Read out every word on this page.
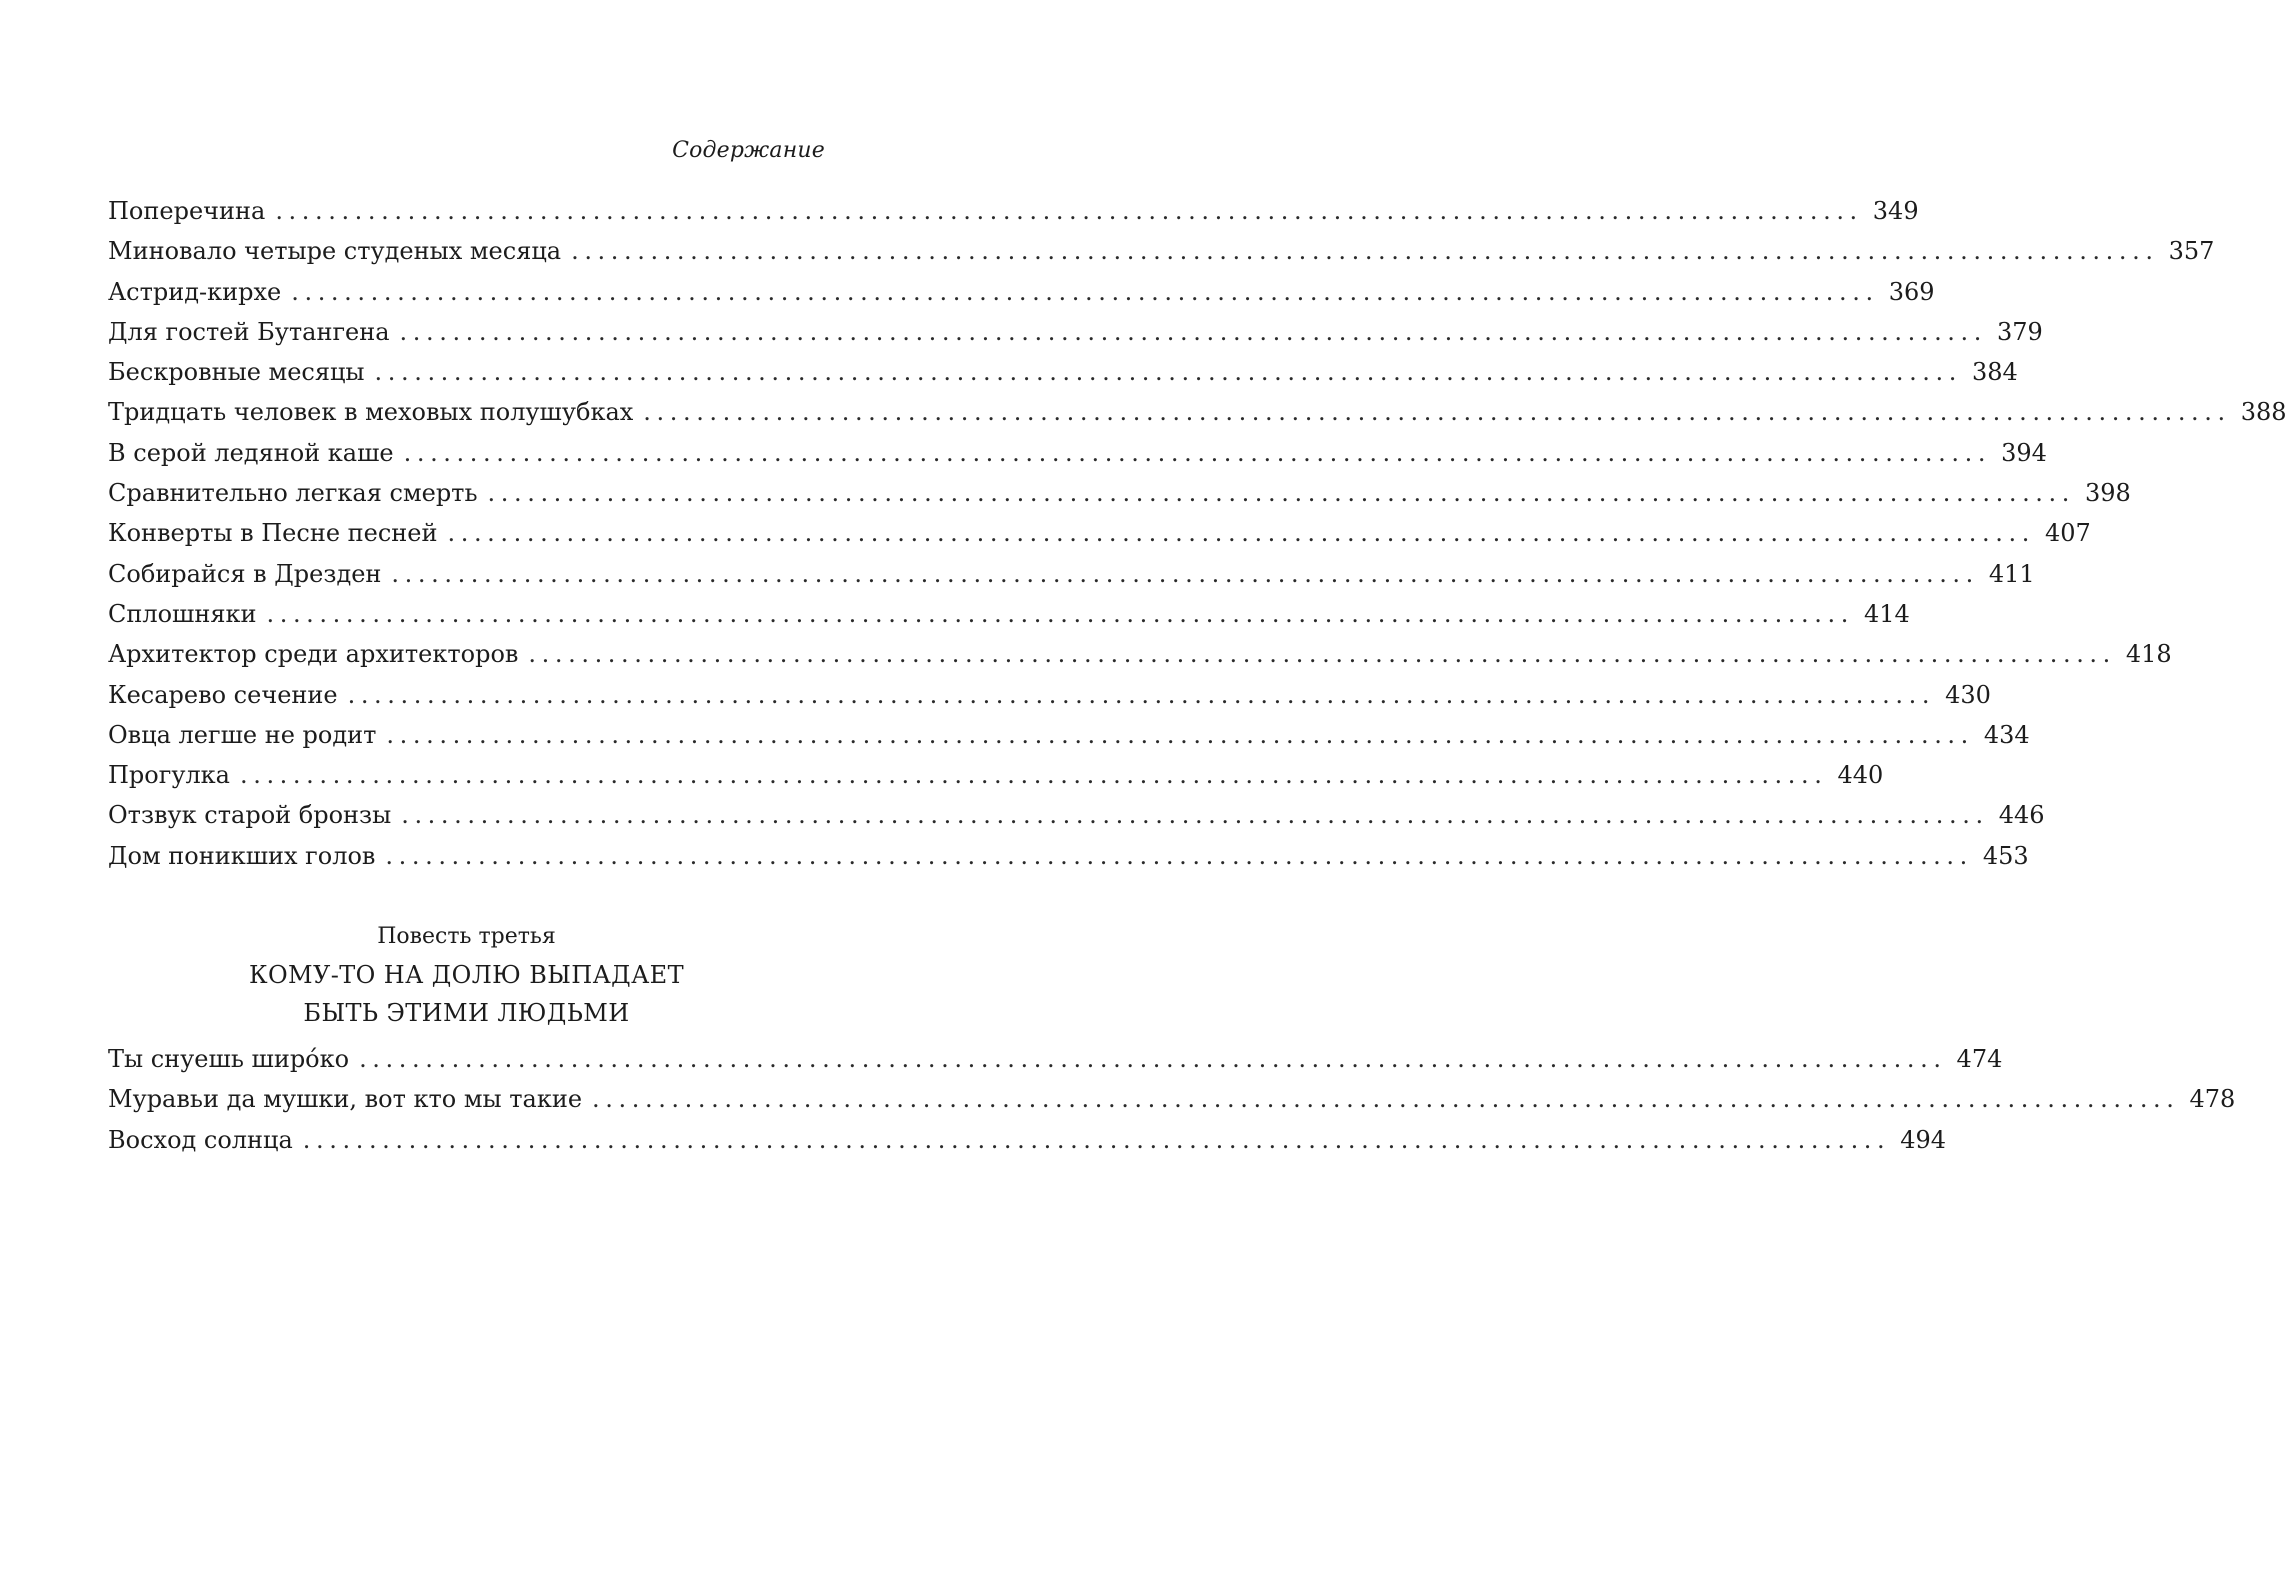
Содержание
Поперечина ........................................................................................................................ 349
Миновало четыре студеных месяца ........................................................................................................................ 357
Астрид-кирхе ........................................................................................................................ 369
Для гостей Бутангена ........................................................................................................................ 379
Бескровные месяцы ........................................................................................................................ 384
Тридцать человек в меховых полушубках ........................................................................................................................ 388
В серой ледяной каше ........................................................................................................................ 394
Сравнительно легкая смерть ........................................................................................................................ 398
Конверты в Песне песней ........................................................................................................................ 407
Собирайся в Дрезден ........................................................................................................................ 411
Сплошняки ........................................................................................................................ 414
Архитектор среди архитекторов ........................................................................................................................ 418
Кесарево сечение ........................................................................................................................ 430
Овца легше не родит ........................................................................................................................ 434
Прогулка ........................................................................................................................ 440
Отзвук старой бронзы ........................................................................................................................ 446
Дом поникших голов ........................................................................................................................ 453
Повесть третья
КОМУ-ТО НА ДОЛЮ ВЫПАДАЕТ
БЫТЬ ЭТИМИ ЛЮДЬМИ
Ты снуешь широ́ко ........................................................................................................................ 474
Муравьи да мушки, вот кто мы такие ........................................................................................................................ 478
Восход солнца ........................................................................................................................ 494
